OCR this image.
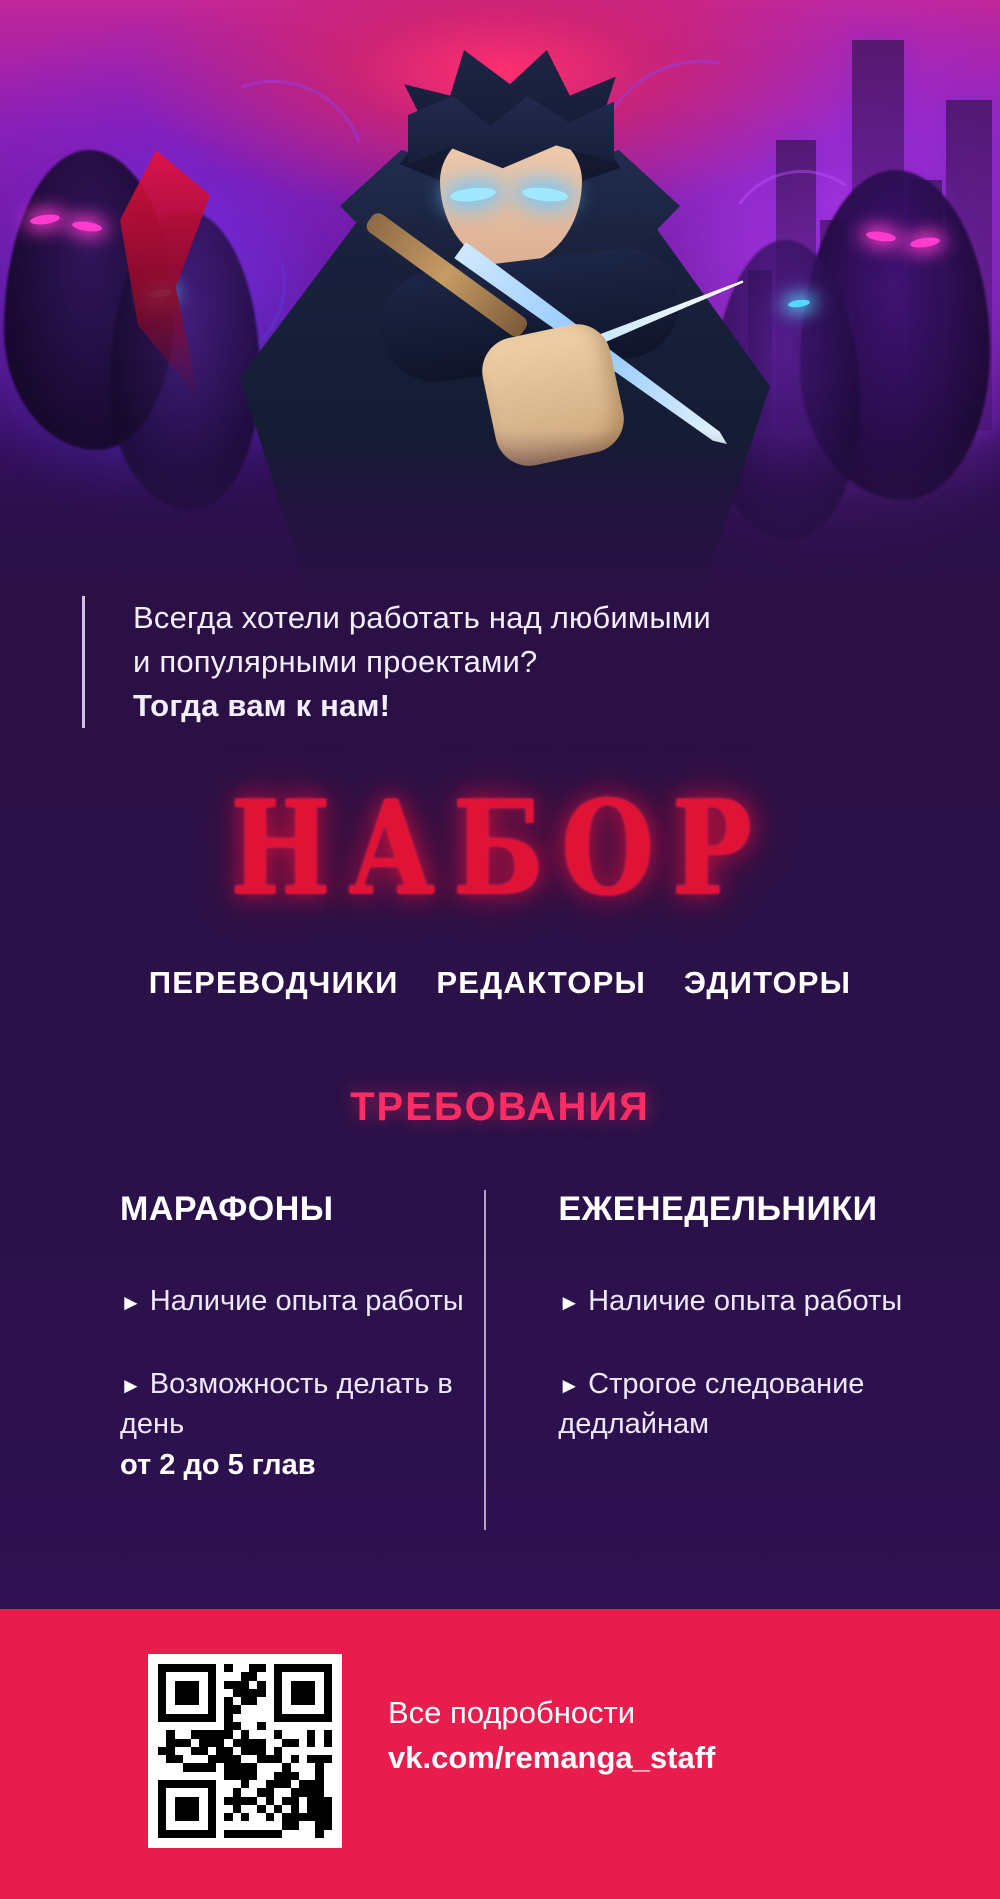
Всегда хотели работать над любимыми
и популярными проектами?
Тогда вам к нам!
НАБОР
ПЕРЕВОДЧИКИ РЕДАКТОРЫ ЭДИТОРЫ
ТРЕБОВАНИЯ
МАРАФОНЫ
► Наличие опыта работы
► Возможность делать в день
от 2 до 5 глав
ЕЖЕНЕДЕЛЬНИКИ
► Наличие опыта работы
► Строгое следование дедлайнам
Все подробности
vk.com/remanga_staff
